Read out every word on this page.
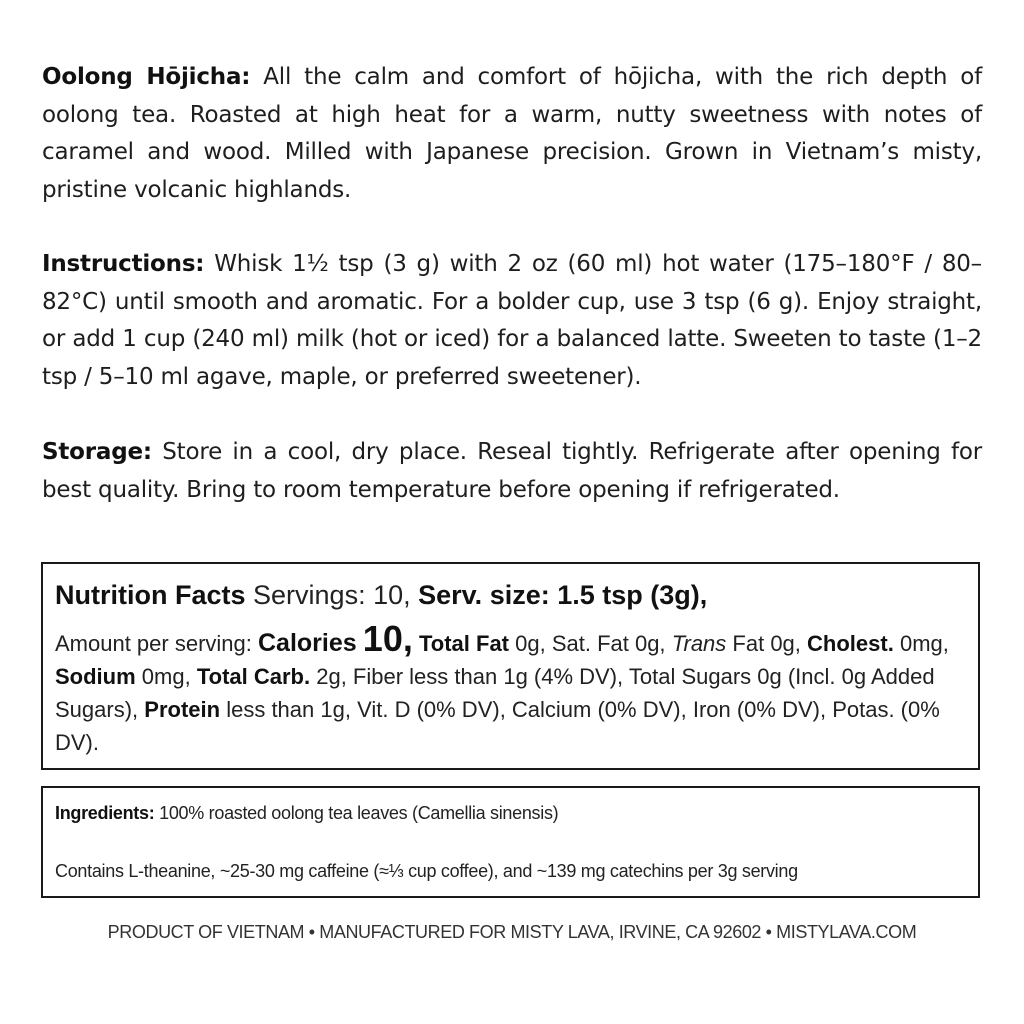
Oolong Hōjicha: All the calm and comfort of hōjicha, with the rich depth of oolong tea. Roasted at high heat for a warm, nutty sweetness with notes of caramel and wood. Milled with Japanese precision. Grown in Vietnam’s misty, pristine volcanic highlands.

Instructions: Whisk 1½ tsp (3 g) with 2 oz (60 ml) hot water (175–180°F / 80–82°C) until smooth and aromatic. For a bolder cup, use 3 tsp (6 g). Enjoy straight, or add 1 cup (240 ml) milk (hot or iced) for a balanced latte. Sweeten to taste (1–2 tsp / 5–10 ml agave, maple, or preferred sweetener).

Storage: Store in a cool, dry place. Reseal tightly. Refrigerate after opening for best quality. Bring to room temperature before opening if refrigerated.

Nutrition Facts Servings: 10, Serv. size: 1.5 tsp (3g),

Amount per serving: Calories 10, Total Fat 0g, Sat. Fat 0g, Trans Fat 0g, Cholest. 0mg, Sodium 0mg, Total Carb. 2g, Fiber less than 1g (4% DV), Total Sugars 0g (Incl. 0g Added Sugars), Protein less than 1g, Vit. D (0% DV), Calcium (0% DV), Iron (0% DV), Potas. (0% DV).

Ingredients: 100% roasted oolong tea leaves (Camellia sinensis)

Contains L-theanine, ~25-30 mg caffeine (≈⅓ cup coffee), and ~139 mg catechins per 3g serving

PRODUCT OF VIETNAM • MANUFACTURED FOR MISTY LAVA, IRVINE, CA 92602 • MISTYLAVA.COM
